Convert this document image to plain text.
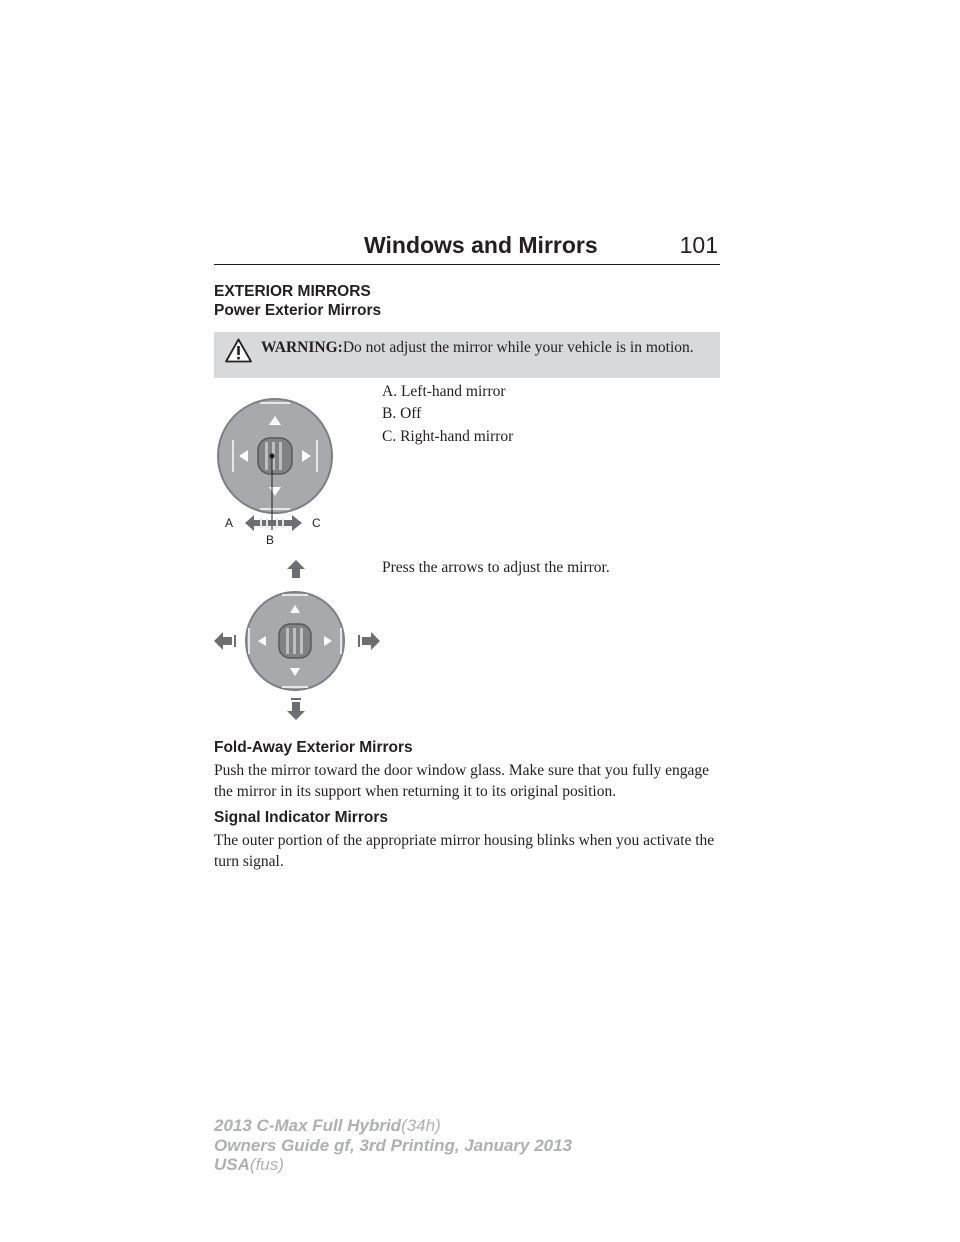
Windows and Mirrors	101
EXTERIOR MIRRORS
Power Exterior Mirrors
WARNING:Do not adjust the mirror while your vehicle is in motion.
A. Left-hand mirror
B. Off
C. Right-hand mirror
A	C
B
Press the arrows to adjust the mirror.
Fold-Away Exterior Mirrors
Push the mirror toward the door window glass. Make sure that you fully engage the mirror in its support when returning it to its original position.
Signal Indicator Mirrors
The outer portion of the appropriate mirror housing blinks when you activate the turn signal.
2013 C-Max Full Hybrid(34h)
Owners Guide gf, 3rd Printing, January 2013
USA(fus)
